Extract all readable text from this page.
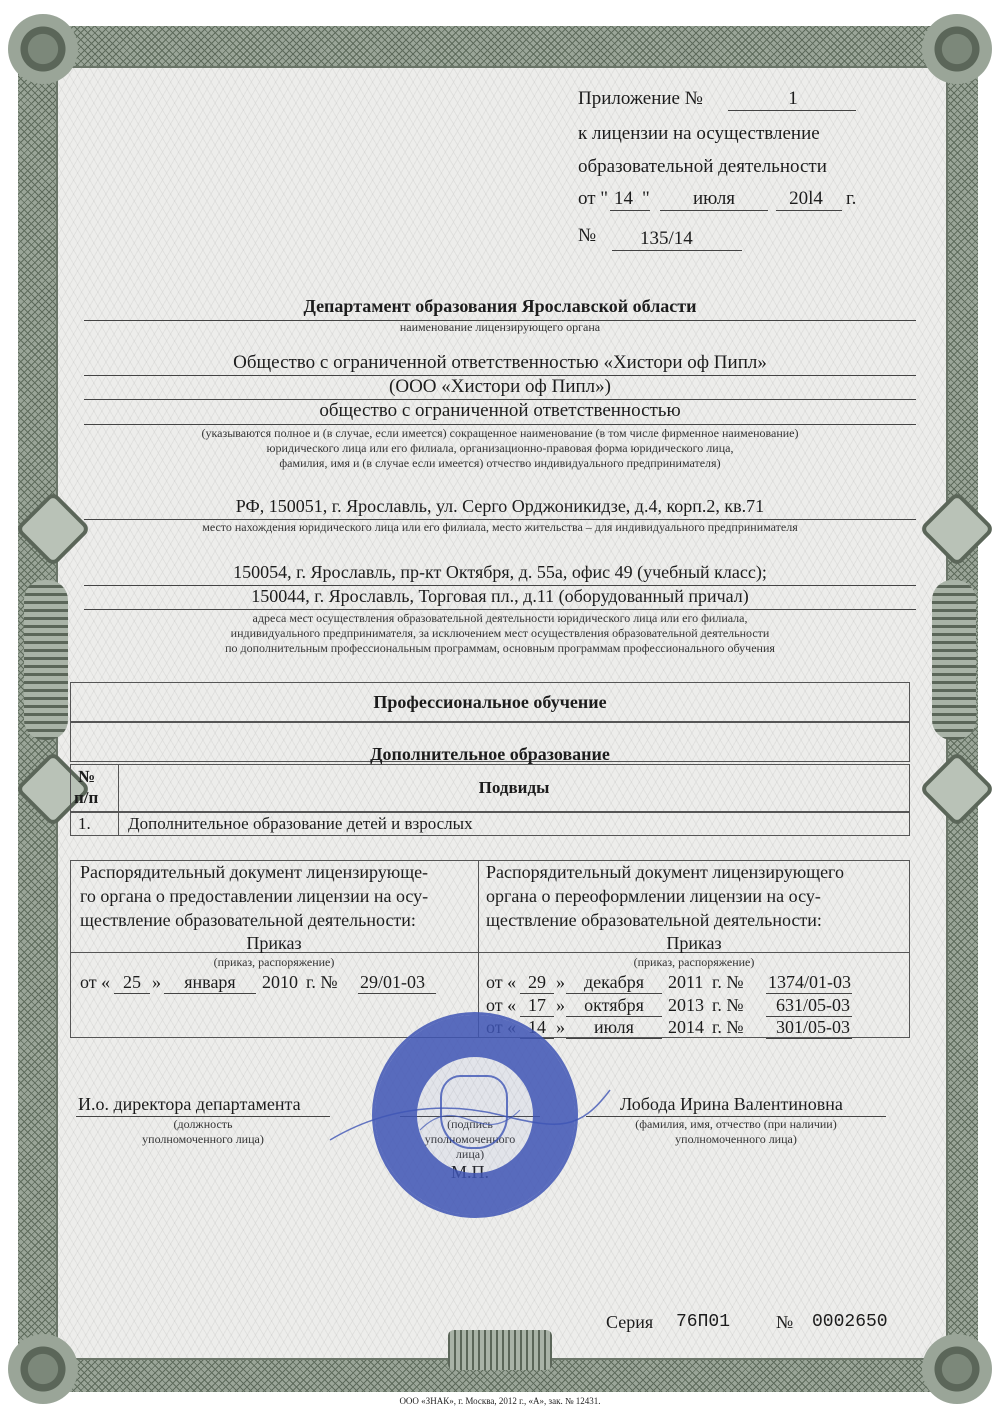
Приложение №	1
к лицензии на осуществление
образовательной деятельности
от " 14 "	июля	20l4	г.
№ 135/14
Департамент образования Ярославской области
наименование лицензирующего органа
Общество с ограниченной ответственностью «Хистори оф Пипл»
(ООО «Хистори оф Пипл»)
общество с ограниченной ответственностью
(указываются полное и (в случае, если имеется) сокращенное наименование (в том числе фирменное наименование)
юридического лица или его филиала, организационно-правовая форма юридического лица,
фамилия, имя и (в случае если имеется) отчество индивидуального предпринимателя)
РФ, 150051, г. Ярославль, ул. Серго Орджоникидзе, д.4, корп.2, кв.71
место нахождения юридического лица или его филиала, место жительства – для индивидуального предпринимателя
150054, г. Ярославль, пр-кт Октября, д. 55а, офис 49 (учебный класс);
150044, г. Ярославль, Торговая пл., д.11 (оборудованный причал)
адреса мест осуществления образовательной деятельности юридического лица или его филиала,
индивидуального предпринимателя, за исключением мест осуществления образовательной деятельности
по дополнительным профессиональным программам, основным программам профессионального обучения
Профессиональное обучение
Дополнительное образование
№
п/п
Подвиды
1. Дополнительное образование детей и взрослых
Распорядительный документ лицензирующе-
го органа о предоставлении лицензии на осу-
ществление образовательной деятельности:
Приказ
(приказ, распоряжение)
от « 25 »	января	2010 г. № 29/01-03
Распорядительный документ лицензирующего
органа о переоформлении лицензии на осу-
ществление образовательной деятельности:
Приказ
(приказ, распоряжение)
от « 29 »	декабря	2011 г. № 1374/01-03
от « 17 »	октября	2013 г. № 631/05-03
от « 14 »	июля	2014 г. № 301/05-03
И.о. директора департамента
(должность
уполномоченного лица)
(подпись
уполномоченного
лица)
М.П.
Лобода Ирина Валентиновна
(фамилия, имя, отчество (при наличии)
уполномоченного лица)
Серия 76П01	№ 0002650
ООО «ЗНАК», г. Москва, 2012 г., «А», зак. № 12431.
